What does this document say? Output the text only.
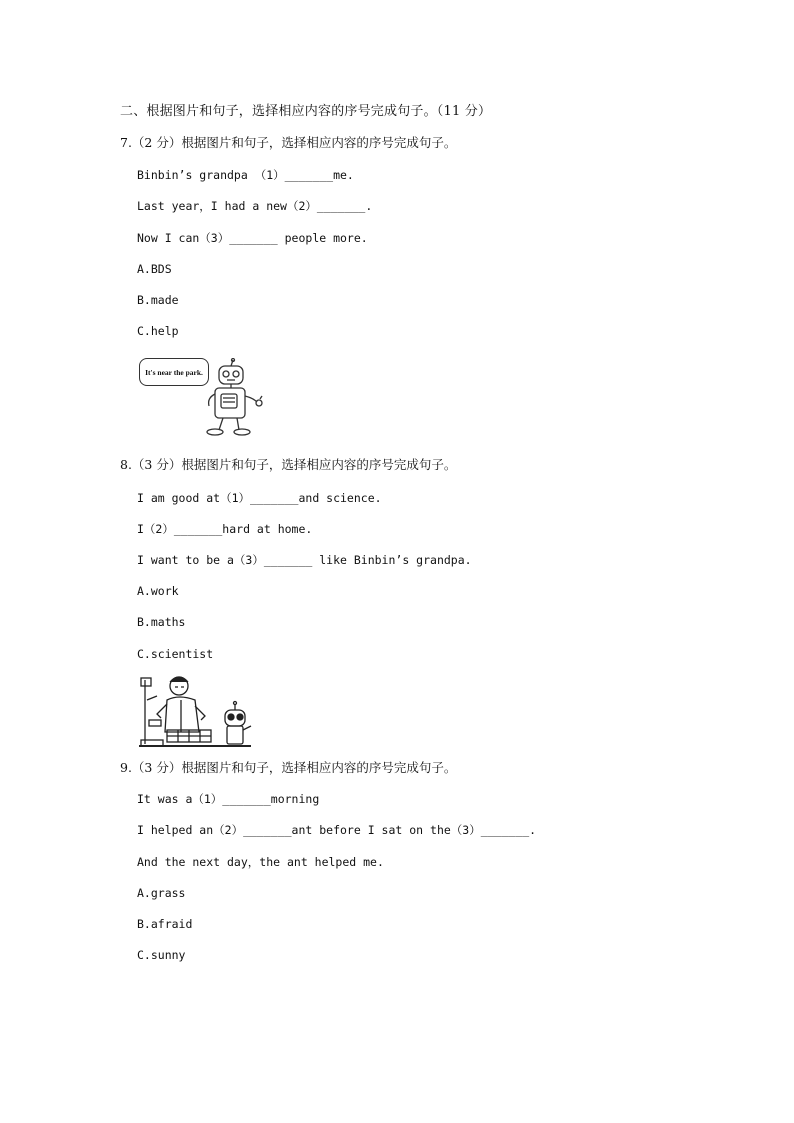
二、根据图片和句子，选择相应内容的序号完成句子。（11 分）
7.（2 分）根据图片和句子，选择相应内容的序号完成句子。
Binbin’s grandpa （1）_______me.
Last year，I had a new（2）_______.
Now I can（3）_______ people more.
A.BDS
B.made
C.help
It's near the park.
8.（3 分）根据图片和句子，选择相应内容的序号完成句子。
I am good at（1）_______and science.
I（2）_______hard at home.
I want to be a（3）_______ like Binbin’s grandpa.
A.work
B.maths
C.scientist
9.（3 分）根据图片和句子，选择相应内容的序号完成句子。
It was a（1）_______morning
I helped an（2）_______ant before I sat on the（3）_______.
And the next day，the ant helped me.
A.grass
B.afraid
C.sunny
